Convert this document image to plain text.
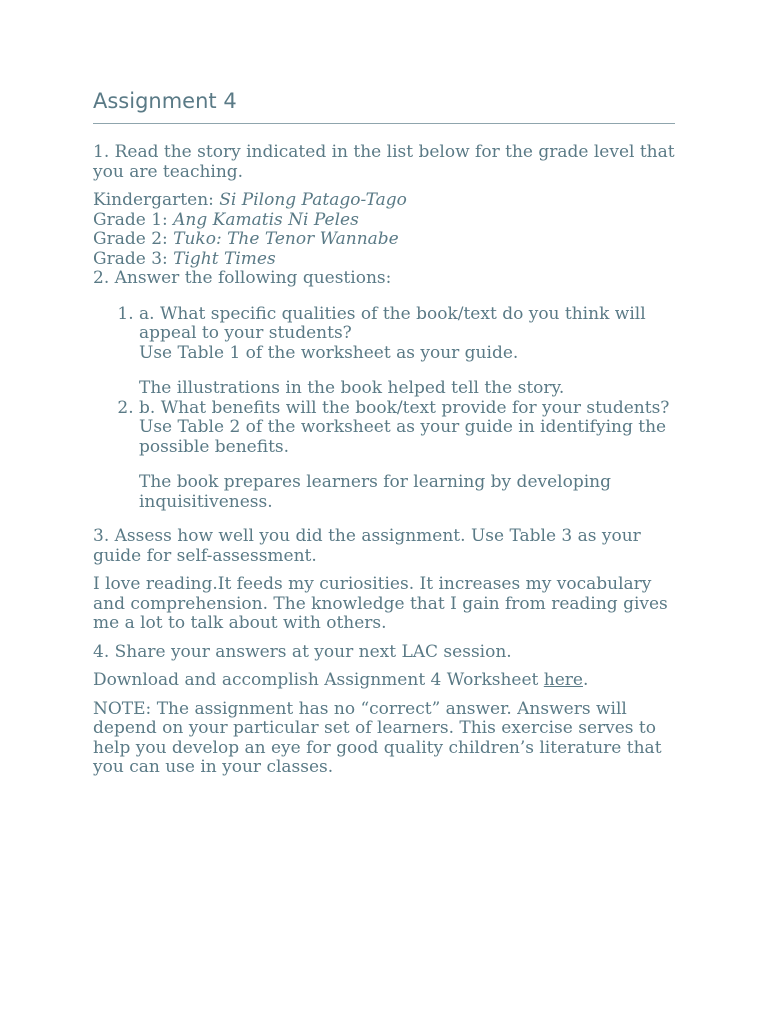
Assignment 4

1. Read the story indicated in the list below for the grade level that you are teaching.

Kindergarten: Si Pilong Patago-Tago
Grade 1: Ang Kamatis Ni Peles
Grade 2: Tuko: The Tenor Wannabe
Grade 3: Tight Times
2. Answer the following questions:
1. a. What specific qualities of the book/text do you think will appeal to your students?
Use Table 1 of the worksheet as your guide.
The illustrations in the book helped tell the story.
2. b. What benefits will the book/text provide for your students?
Use Table 2 of the worksheet as your guide in identifying the possible benefits.
The book prepares learners for learning by developing inquisitiveness.

3. Assess how well you did the assignment. Use Table 3 as your guide for self-assessment.

I love reading.It feeds my curiosities. It increases my vocabulary and comprehension. The knowledge that I gain from reading gives me a lot to talk about with others.

4. Share your answers at your next LAC session.

Download and accomplish Assignment 4 Worksheet here.

NOTE: The assignment has no “correct” answer. Answers will depend on your particular set of learners. This exercise serves to help you develop an eye for good quality children’s literature that you can use in your classes.
